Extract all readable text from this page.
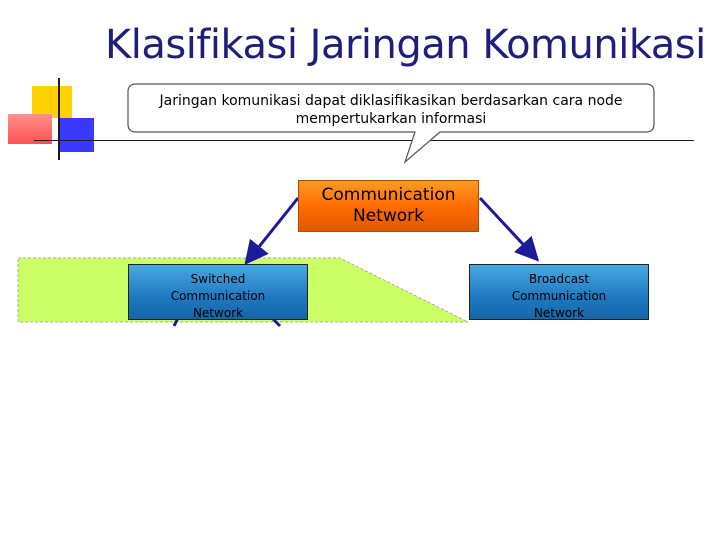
Klasifikasi Jaringan Komunikasi
Jaringan komunikasi dapat diklasifikasikan berdasarkan cara node
mempertukarkan informasi
Communication
Network
Switched
Communication
Network
Broadcast
Communication
Network
